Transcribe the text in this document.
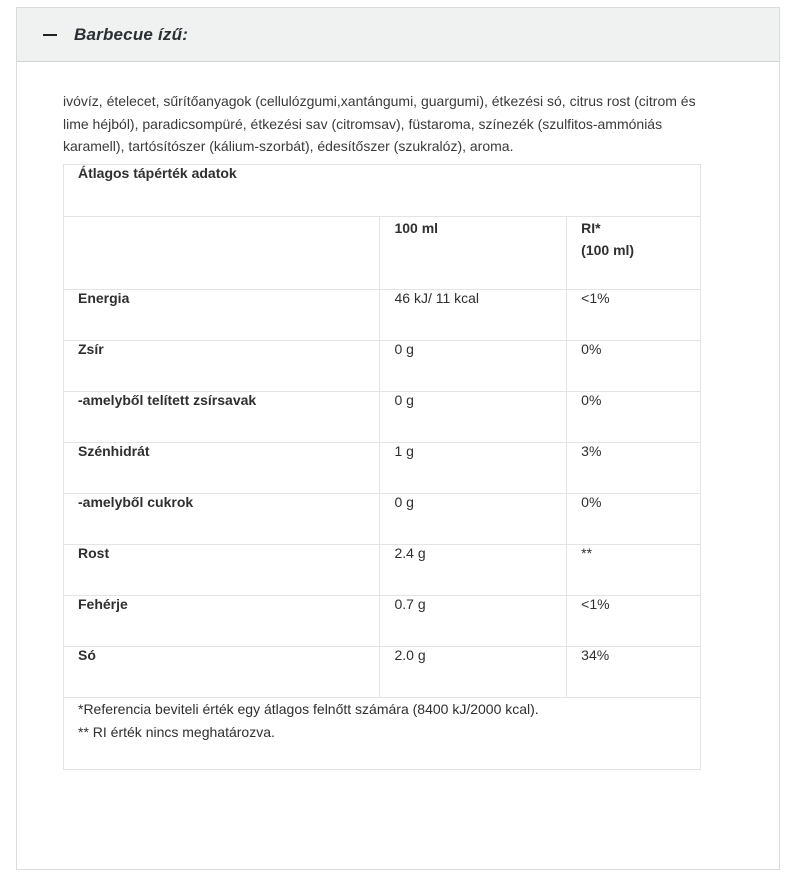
Barbecue ízű:

ivóvíz, ételecet, sűrítőanyagok (cellulózgumi,xantángumi, guargumi), étkezési só, citrus rost (citrom és lime héjból), paradicsompüré, étkezési sav (citromsav), füstaroma, színezék (szulfitos-ammóniás karamell), tartósítószer (kálium-szorbát), édesítőszer (szukralóz), aroma.

Átlagos tápérték adatok		
	100 ml	RI*
(100 ml)

Energia	46 kJ/ 11 kcal	<1%
Zsír	0 g	0%
-amelyből telített zsírsavak	0 g	0%
Szénhidrát	1 g	3%
-amelyből cukrok	0 g	0%
Rost	2.4 g	**
Fehérje	0.7 g	<1%
Só	2.0 g	34%

*Referencia beviteli érték egy átlagos felnőtt számára (8400 kJ/2000 kcal).
** RI érték nincs meghatározva.		
